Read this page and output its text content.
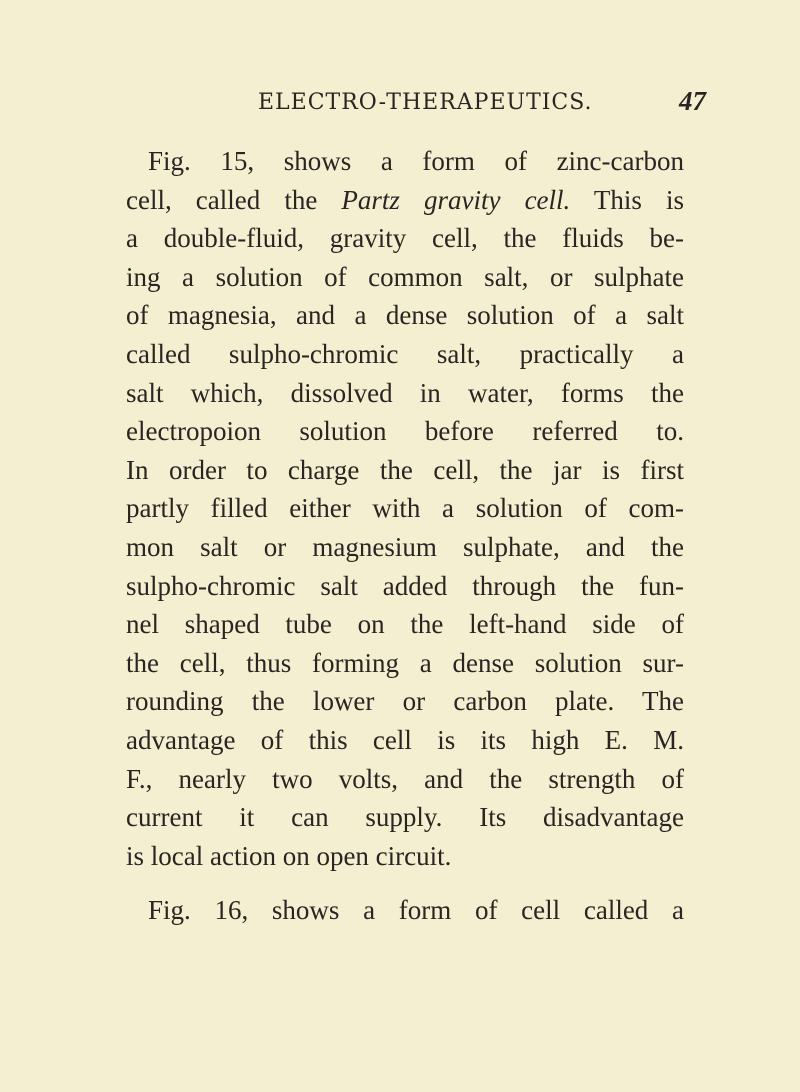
ELECTRO-THERAPEUTICS.	47
Fig. 15, shows a form of zinc-carbon
cell, called the Partz gravity cell. This is
a double-fluid, gravity cell, the fluids be-
ing a solution of common salt, or sulphate
of magnesia, and a dense solution of a salt
called sulpho-chromic salt, practically a
salt which, dissolved in water, forms the
electropoion solution before referred to.
In order to charge the cell, the jar is first
partly filled either with a solution of com-
mon salt or magnesium sulphate, and the
sulpho-chromic salt added through the fun-
nel shaped tube on the left-hand side of
the cell, thus forming a dense solution sur-
rounding the lower or carbon plate. The
advantage of this cell is its high E. M.
F., nearly two volts, and the strength of
current it can supply. Its disadvantage
is local action on open circuit.
Fig. 16, shows a form of cell called a
